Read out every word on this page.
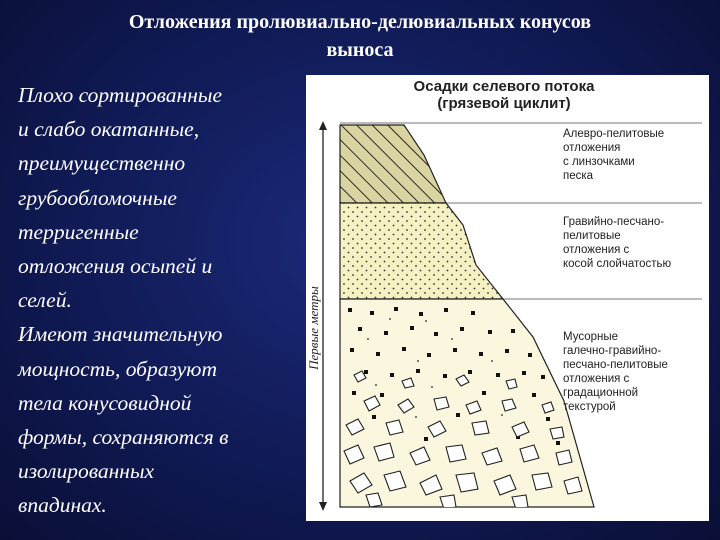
Отложения пролювиально-делювиальных конусов
выноса
Плохо сортированные
и слабо окатанные,
преимущественно
грубообломочные
терригенные
отложения осыпей и
селей.
Имеют значительную
мощность, образуют
тела конусовидной
формы, сохраняются в
изолированных
впадинах.
Осадки селевого потока
(грязевой циклит)
Первые метры
Алевро-пелитовые
отложения
с линзочками
песка
Гравийно-песчано-
пелитовые
отложения с
косой слойчатостью
Мусорные
галечно-гравийно-
песчано-пелитовые
отложения с
градационной
текстурой
